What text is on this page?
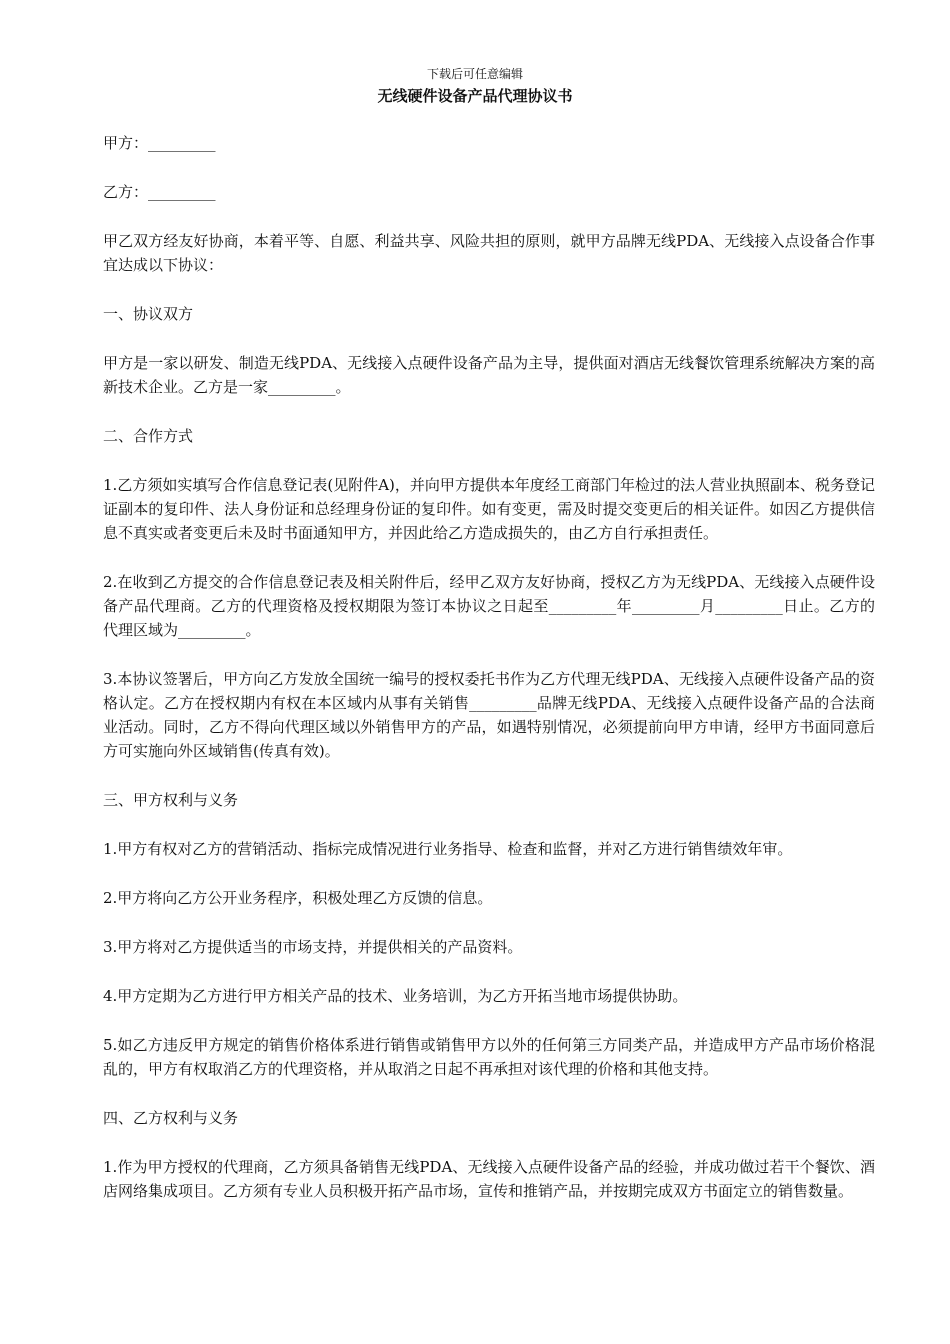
下载后可任意编辑
无线硬件设备产品代理协议书

甲方：_________

乙方：_________

甲乙双方经友好协商，本着平等、自愿、利益共享、风险共担的原则，就甲方品牌无线PDA、无线接入点设备合作事宜达成以下协议：

一、协议双方

甲方是一家以研发、制造无线PDA、无线接入点硬件设备产品为主导，提供面对酒店无线餐饮管理系统解决方案的高新技术企业。乙方是一家_________。

二、合作方式

1.乙方须如实填写合作信息登记表(见附件A)，并向甲方提供本年度经工商部门年检过的法人营业执照副本、税务登记证副本的复印件、法人身份证和总经理身份证的复印件。如有变更，需及时提交变更后的相关证件。如因乙方提供信息不真实或者变更后未及时书面通知甲方，并因此给乙方造成损失的，由乙方自行承担责任。

2.在收到乙方提交的合作信息登记表及相关附件后，经甲乙双方友好协商，授权乙方为无线PDA、无线接入点硬件设备产品代理商。乙方的代理资格及授权期限为签订本协议之日起至_________年_________月_________日止。乙方的代理区域为_________。

3.本协议签署后，甲方向乙方发放全国统一编号的授权委托书作为乙方代理无线PDA、无线接入点硬件设备产品的资格认定。乙方在授权期内有权在本区域内从事有关销售_________品牌无线PDA、无线接入点硬件设备产品的合法商业活动。同时，乙方不得向代理区域以外销售甲方的产品，如遇特别情况，必须提前向甲方申请，经甲方书面同意后方可实施向外区域销售(传真有效)。

三、甲方权利与义务

1.甲方有权对乙方的营销活动、指标完成情况进行业务指导、检查和监督，并对乙方进行销售绩效年审。

2.甲方将向乙方公开业务程序，积极处理乙方反馈的信息。

3.甲方将对乙方提供适当的市场支持，并提供相关的产品资料。

4.甲方定期为乙方进行甲方相关产品的技术、业务培训，为乙方开拓当地市场提供协助。

5.如乙方违反甲方规定的销售价格体系进行销售或销售甲方以外的任何第三方同类产品，并造成甲方产品市场价格混乱的，甲方有权取消乙方的代理资格，并从取消之日起不再承担对该代理的价格和其他支持。

四、乙方权利与义务

1.作为甲方授权的代理商，乙方须具备销售无线PDA、无线接入点硬件设备产品的经验，并成功做过若干个餐饮、酒店网络集成项目。乙方须有专业人员积极开拓产品市场，宣传和推销产品，并按期完成双方书面定立的销售数量。
